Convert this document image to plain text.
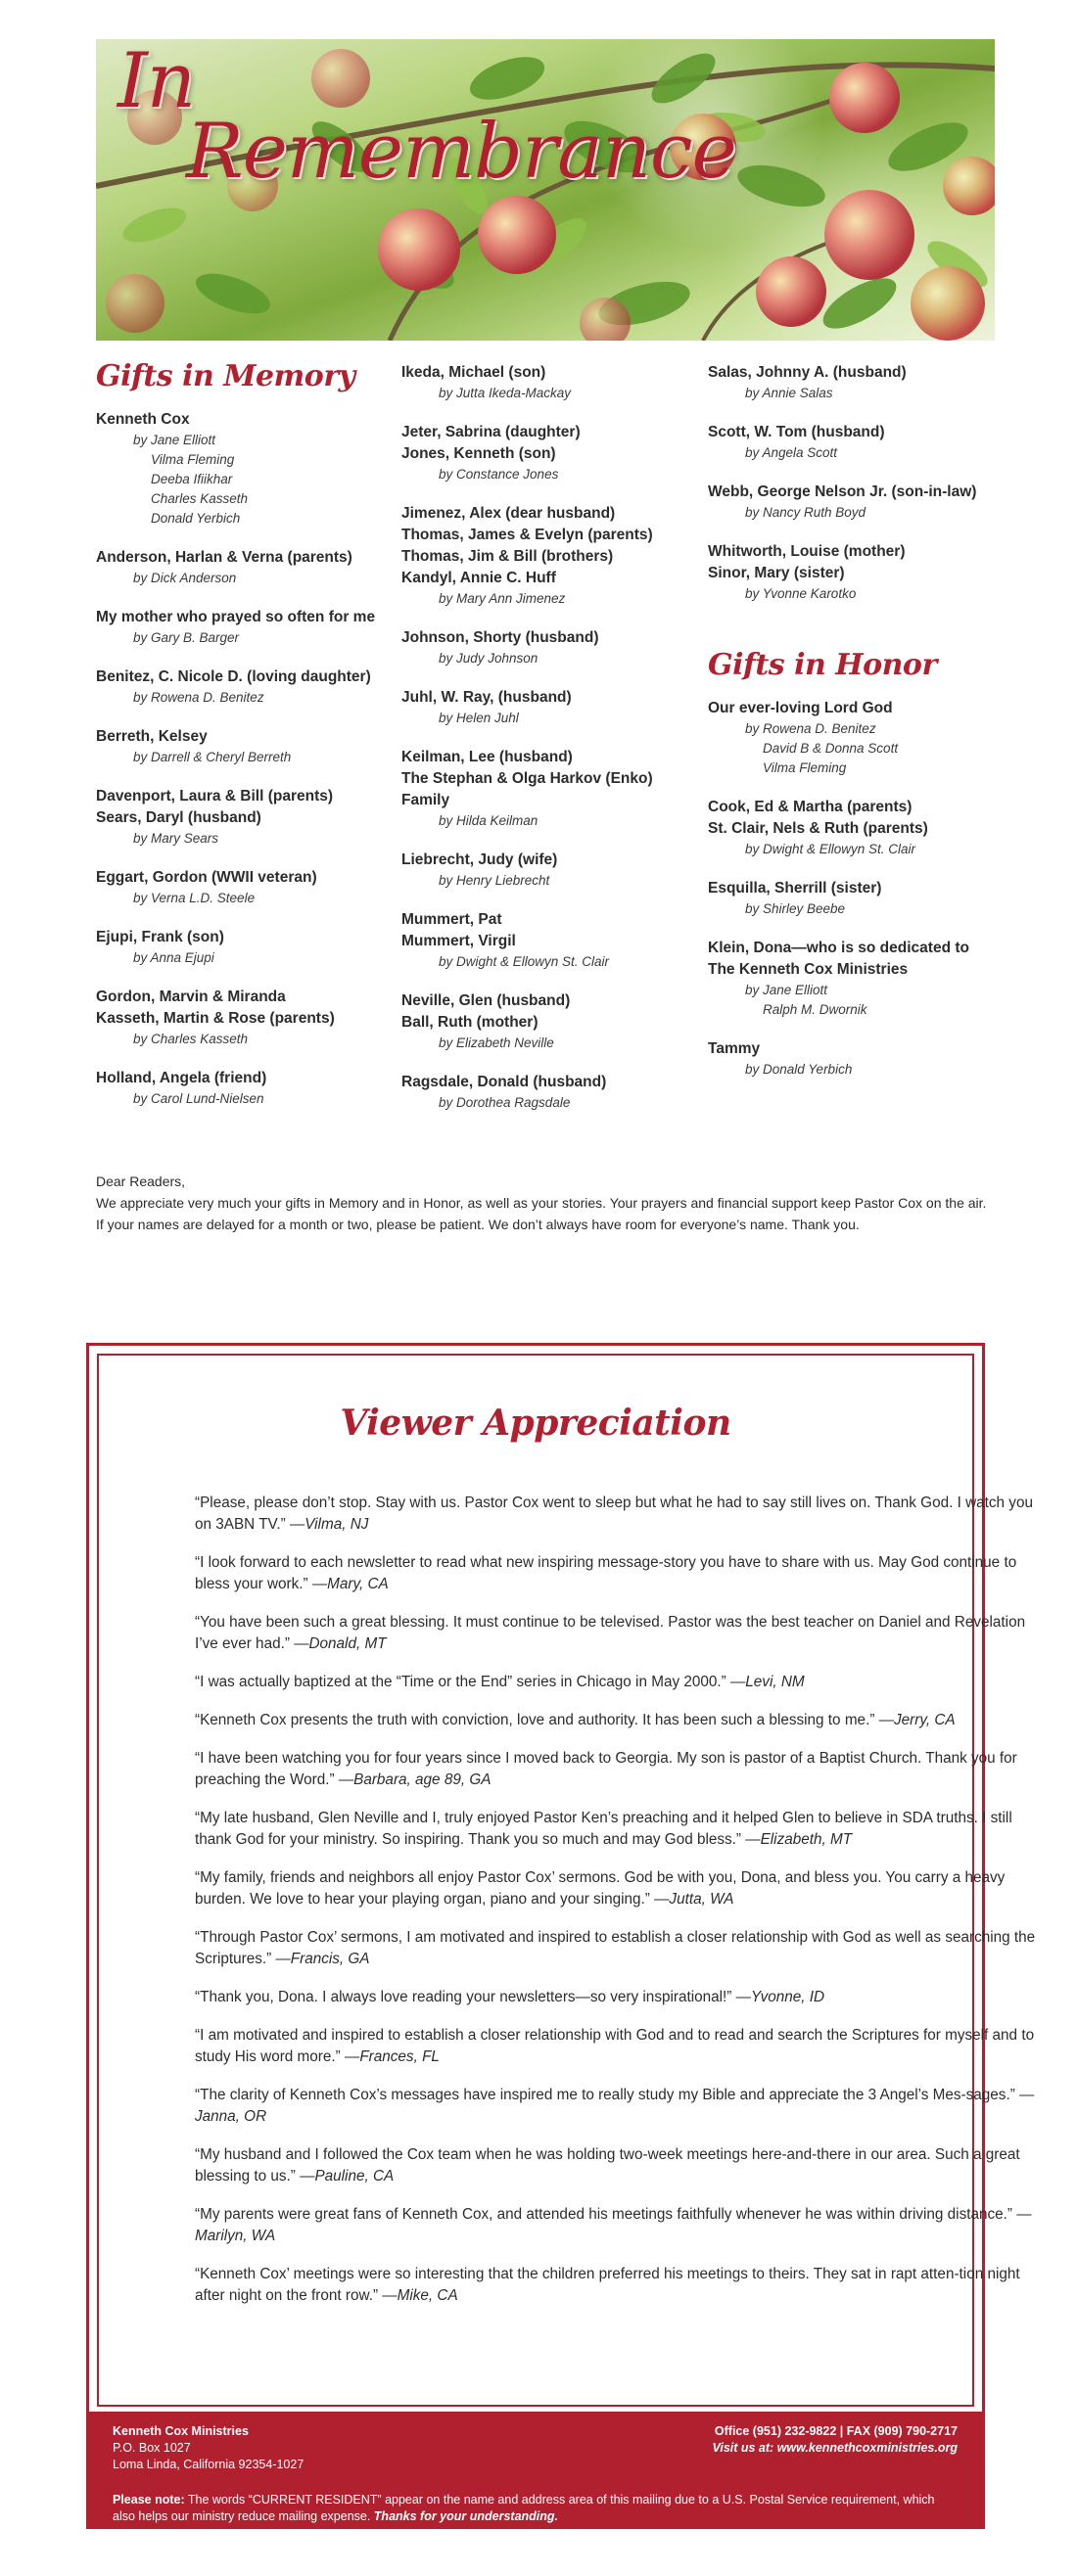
In
Remembrance
Gifts in Memory
Kenneth Cox
by Jane Elliott
Vilma Fleming
Deeba Ifiikhar
Charles Kasseth
Donald Yerbich
Anderson, Harlan & Verna (parents)
by Dick Anderson
My mother who prayed so often for me
by Gary B. Barger
Benitez, C. Nicole D. (loving daughter)
by Rowena D. Benitez
Berreth, Kelsey
by Darrell & Cheryl Berreth
Davenport, Laura & Bill (parents)
Sears, Daryl (husband)
by Mary Sears
Eggart, Gordon (WWII veteran)
by Verna L.D. Steele
Ejupi, Frank (son)
by Anna Ejupi
Gordon, Marvin & Miranda
Kasseth, Martin & Rose (parents)
by Charles Kasseth
Holland, Angela (friend)
by Carol Lund-Nielsen
Ikeda, Michael (son)
by Jutta Ikeda-Mackay
Jeter, Sabrina (daughter)
Jones, Kenneth (son)
by Constance Jones
Jimenez, Alex (dear husband)
Thomas, James & Evelyn (parents)
Thomas, Jim & Bill (brothers)
Kandyl, Annie C. Huff
by Mary Ann Jimenez
Johnson, Shorty (husband)
by Judy Johnson
Juhl, W. Ray, (husband)
by Helen Juhl
Keilman, Lee (husband)
The Stephan & Olga Harkov (Enko)
Family
by Hilda Keilman
Liebrecht, Judy (wife)
by Henry Liebrecht
Mummert, Pat
Mummert, Virgil
by Dwight & Ellowyn St. Clair
Neville, Glen (husband)
Ball, Ruth (mother)
by Elizabeth Neville
Ragsdale, Donald (husband)
by Dorothea Ragsdale
Salas, Johnny A. (husband)
by Annie Salas
Scott, W. Tom (husband)
by Angela Scott
Webb, George Nelson Jr. (son-in-law)
by Nancy Ruth Boyd
Whitworth, Louise (mother)
Sinor, Mary (sister)
by Yvonne Karotko
Gifts in Honor
Our ever-loving Lord God
by Rowena D. Benitez
David B & Donna Scott
Vilma Fleming
Cook, Ed & Martha (parents)
St. Clair, Nels & Ruth (parents)
by Dwight & Ellowyn St. Clair
Esquilla, Sherrill (sister)
by Shirley Beebe
Klein, Dona—who is so dedicated to
The Kenneth Cox Ministries
by Jane Elliott
Ralph M. Dwornik
Tammy
by Donald Yerbich
Dear Readers,
We appreciate very much your gifts in Memory and in Honor, as well as your stories. Your prayers and financial support keep Pastor Cox on the air. If your names are delayed for a month or two, please be patient. We don’t always have room for everyone’s name. Thank you.
Viewer Appreciation
“Please, please don’t stop. Stay with us. Pastor Cox went to sleep but what he had to say still lives on. Thank God. I watch you on 3ABN TV.” —Vilma, NJ
“I look forward to each newsletter to read what new inspiring message-story you have to share with us. May God continue to bless your work.” —Mary, CA
“You have been such a great blessing. It must continue to be televised. Pastor was the best teacher on Daniel and Revelation I’ve ever had.” —Donald, MT
“I was actually baptized at the “Time or the End” series in Chicago in May 2000.” —Levi, NM
“Kenneth Cox presents the truth with conviction, love and authority. It has been such a blessing to me.” —Jerry, CA
“I have been watching you for four years since I moved back to Georgia. My son is pastor of a Baptist Church. Thank you for preaching the Word.” —Barbara, age 89, GA
“My late husband, Glen Neville and I, truly enjoyed Pastor Ken’s preaching and it helped Glen to believe in SDA truths. I still thank God for your ministry. So inspiring. Thank you so much and may God bless.” —Elizabeth, MT
“My family, friends and neighbors all enjoy Pastor Cox’ sermons. God be with you, Dona, and bless you. You carry a heavy burden. We love to hear your playing organ, piano and your singing.” —Jutta, WA
“Through Pastor Cox’ sermons, I am motivated and inspired to establish a closer relationship with God as well as searching the Scriptures.” —Francis, GA
“Thank you, Dona. I always love reading your newsletters—so very inspirational!” —Yvonne, ID
“I am motivated and inspired to establish a closer relationship with God and to read and search the Scriptures for myself and to study His word more.” —Frances, FL
“The clarity of Kenneth Cox’s messages have inspired me to really study my Bible and appreciate the 3 Angel’s Mes-sages.” —Janna, OR
“My husband and I followed the Cox team when he was holding two-week meetings here-and-there in our area. Such a great blessing to us.” —Pauline, CA
“My parents were great fans of Kenneth Cox, and attended his meetings faithfully whenever he was within driving distance.” —Marilyn, WA
“Kenneth Cox’ meetings were so interesting that the children preferred his meetings to theirs. They sat in rapt atten-tion night after night on the front row.” —Mike, CA
Kenneth Cox Ministries
P.O. Box 1027
Loma Linda, California 92354-1027
Office (951) 232-9822 | FAX (909) 790-2717
Visit us at: www.kennethcoxministries.org
Please note: The words “CURRENT RESIDENT” appear on the name and address area of this mailing due to a U.S. Postal Service requirement, which also helps our ministry reduce mailing expense. Thanks for your understanding.
